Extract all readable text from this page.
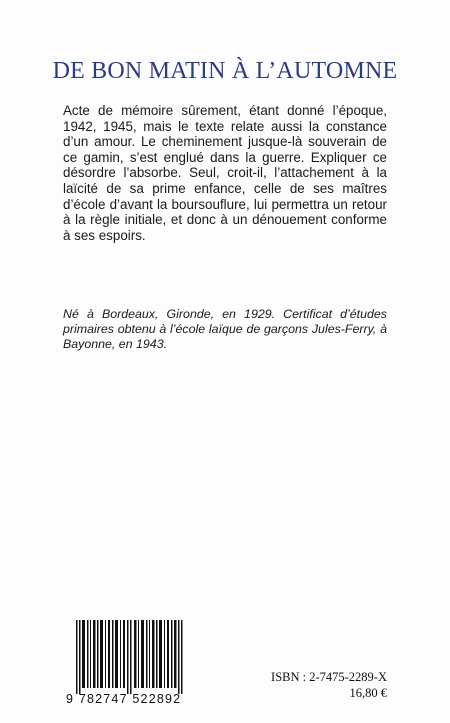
DE BON MATIN À L’AUTOMNE

Acte de mémoire sûrement, étant donné l’époque, 1942, 1945, mais le texte relate aussi la constance d’un amour. Le cheminement jusque-là souverain de ce gamin, s’est englué dans la guerre. Expliquer ce désordre l’absorbe. Seul, croit-il, l’attachement à la laïcité de sa prime enfance, celle de ses maîtres d’école d’avant la boursouflure, lui permettra un retour à la règle initiale, et donc à un dénouement conforme à ses espoirs.

Né à Bordeaux, Gironde, en 1929. Certificat d’études primaires obtenu à l’école laïque de garçons Jules-Ferry, à Bayonne, en 1943.

9 782747 522892
ISBN : 2-7475-2289-X
16,80 €
